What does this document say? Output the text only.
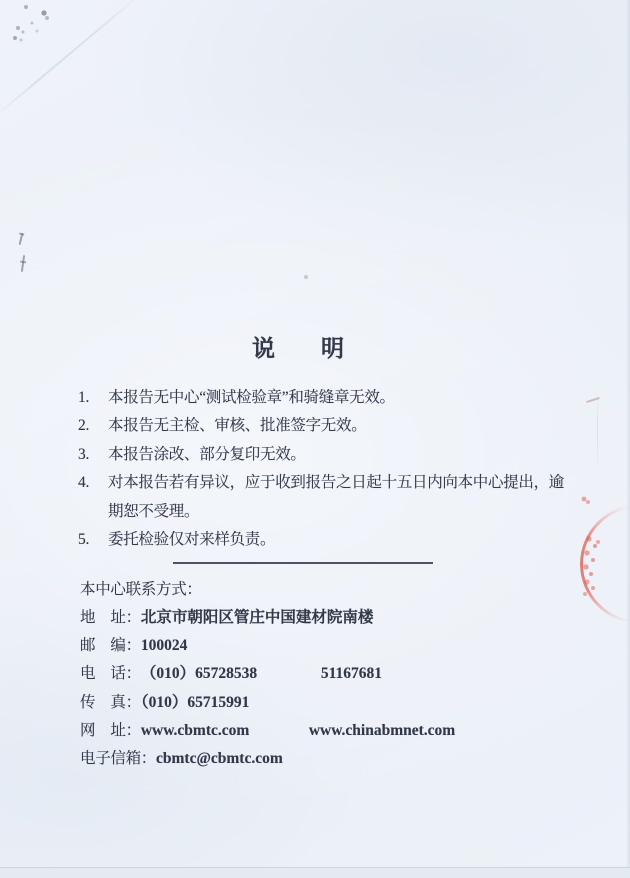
说 明
1.	本报告无中心“测试检验章”和骑缝章无效。
2.	本报告无主检、审核、批准签字无效。
3.	本报告涂改、部分复印无效。
4.	对本报告若有异议，应于收到报告之日起十五日内向本中心提出，逾期恕不受理。
5.	委托检验仅对来样负责。
本中心联系方式：
地　址：北京市朝阳区管庄中国建材院南楼
邮　编：100024
电　话：（010）65728538	51167681
传　真：（010）65715991
网　址：www.cbmtc.com	www.chinabmnet.com
电子信箱：cbmtc@cbmtc.com
